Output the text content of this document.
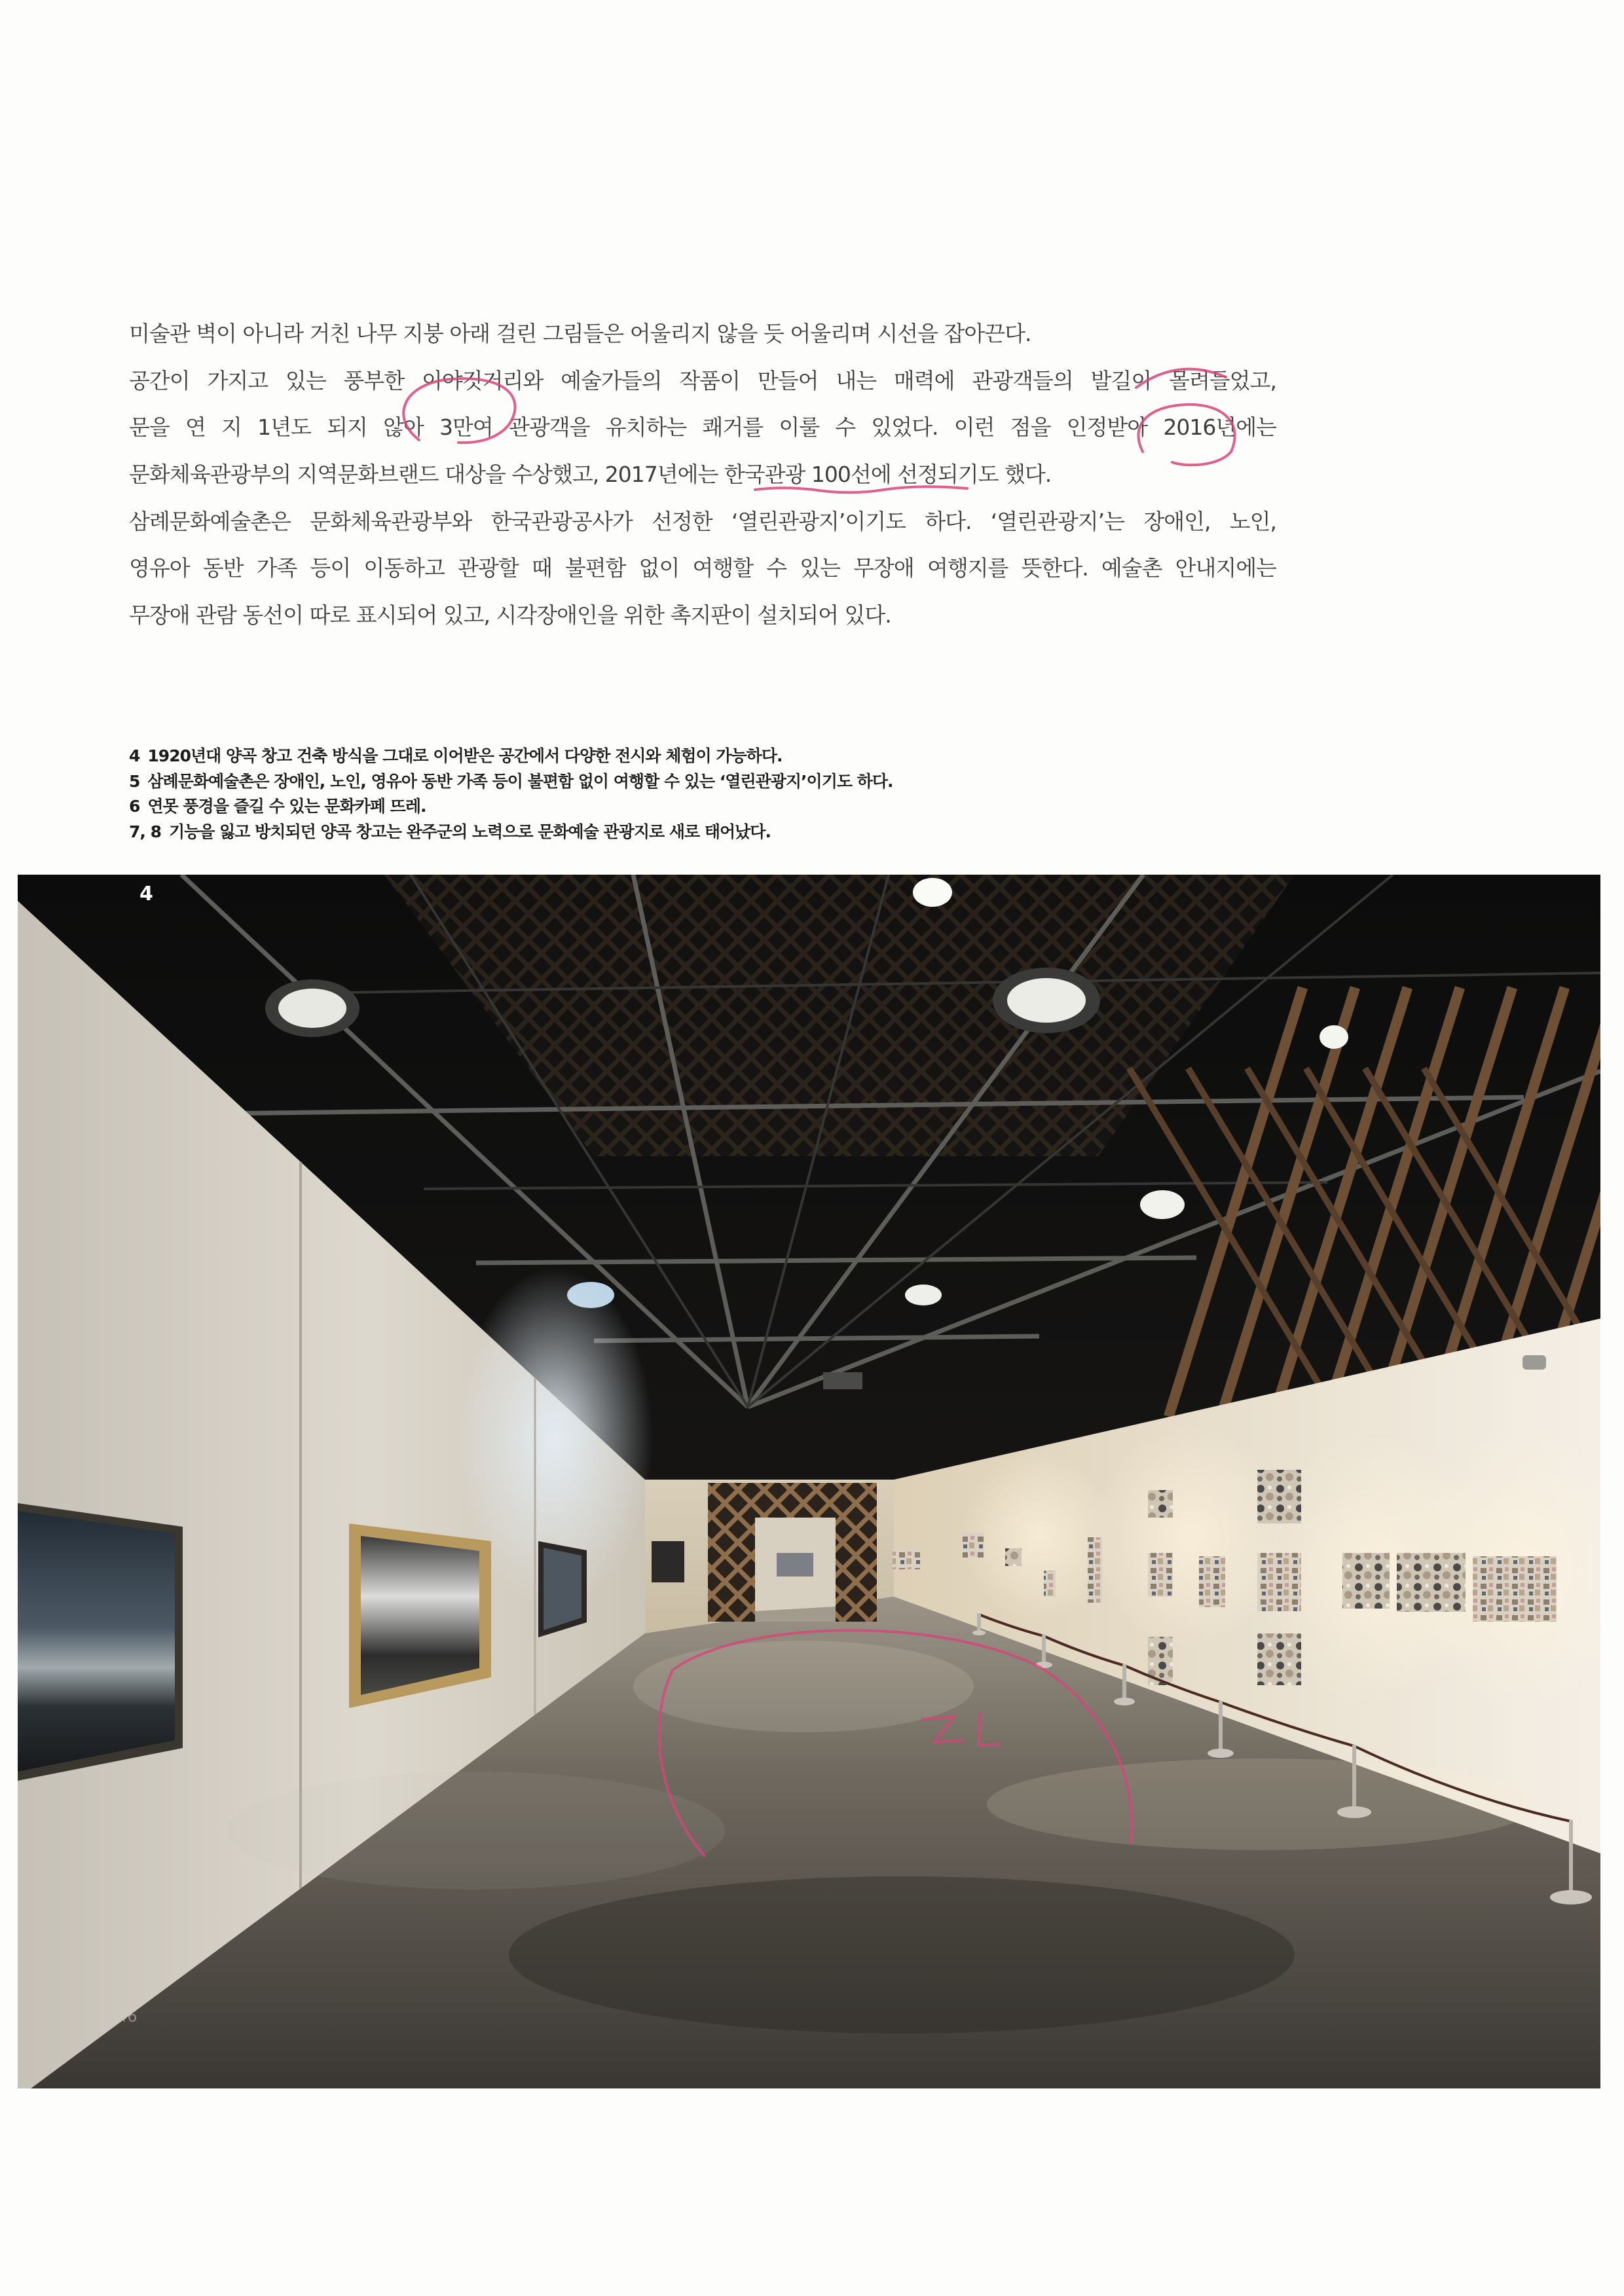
미술관 벽이 아니라 거친 나무 지붕 아래 걸린 그림들은 어울리지 않을 듯 어울리며 시선을 잡아끈다.
공간이 가지고 있는 풍부한 이야깃거리와 예술가들의 작품이 만들어 내는 매력에 관광객들의 발길이 몰려들었고,
문을 연 지 1년도 되지 않아 3만여 관광객을 유치하는 쾌거를 이룰 수 있었다. 이런 점을 인정받아 2016년에는
문화체육관광부의 지역문화브랜드 대상을 수상했고, 2017년에는 한국관광 100선에 선정되기도 했다.
삼례문화예술촌은 문화체육관광부와 한국관광공사가 선정한 ‘열린관광지’이기도 하다. ‘열린관광지’는 장애인, 노인,
영유아 동반 가족 등이 이동하고 관광할 때 불편함 없이 여행할 수 있는 무장애 여행지를 뜻한다. 예술촌 안내지에는
무장애 관람 동선이 따로 표시되어 있고, 시각장애인을 위한 촉지판이 설치되어 있다.
4 1920년대 양곡 창고 건축 방식을 그대로 이어받은 공간에서 다양한 전시와 체험이 가능하다.
5 삼례문화예술촌은 장애인, 노인, 영유아 동반 가족 등이 불편함 없이 여행할 수 있는 ‘열린관광지’이기도 하다.
6 연못 풍경을 즐길 수 있는 문화카페 뜨레.
7, 8 기능을 잃고 방치되던 양곡 창고는 완주군의 노력으로 문화예술 관광지로 새로 태어났다.
4
46
